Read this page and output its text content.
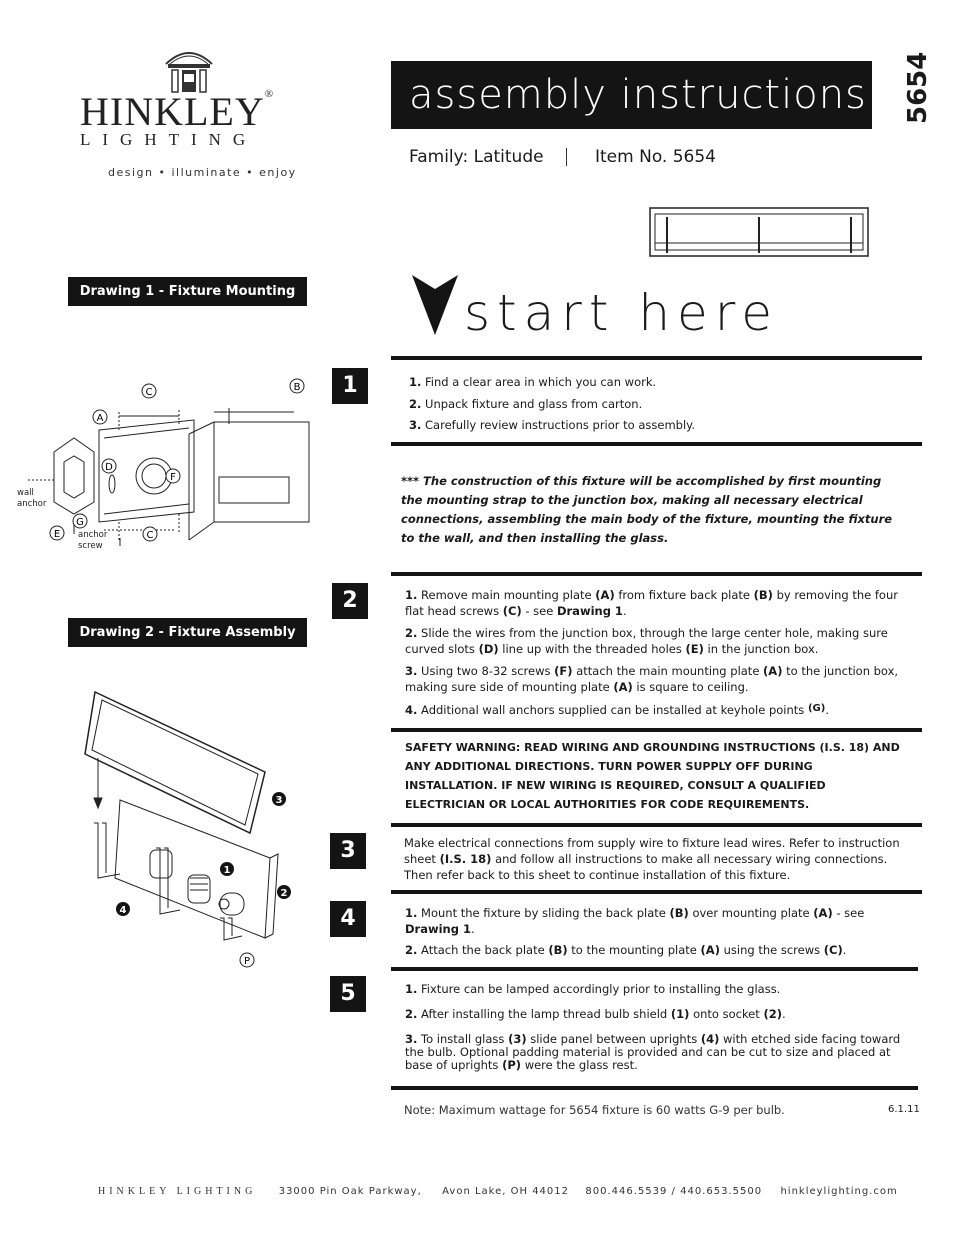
HINKLEY®
LIGHTING
design • illuminate • enjoy
assembly instructions 5654
Family: Latitude	Item No. 5654
start here
Drawing 1 - Fixture Mounting
Drawing 2 - Fixture Assembly
C	B
A
D
F
G
E	C
wall
anchor
anchor
screw
1
2
3
4
P
1	1. Find a clear area in which you can work.
2. Unpack fixture and glass from carton.
3. Carefully review instructions prior to assembly.
*** The construction of this fixture will be accomplished by first mounting the mounting strap to the junction box, making all necessary electrical connections, assembling the main body of the fixture, mounting the fixture to the wall, and then installing the glass.
2	1. Remove main mounting plate (A) from fixture back plate (B) by removing the four flat head screws (C) - see Drawing 1.

2. Slide the wires from the junction box, through the large center hole, making sure curved slots (D) line up with the threaded holes (E) in the junction box.

3. Using two 8-32 screws (F) attach the main mounting plate (A) to the junction box, making sure side of mounting plate (A) is square to ceiling.

4. Additional wall anchors supplied can be installed at keyhole points (G).

SAFETY WARNING: READ WIRING AND GROUNDING INSTRUCTIONS (I.S. 18) AND ANY ADDITIONAL DIRECTIONS. TURN POWER SUPPLY OFF DURING INSTALLATION. IF NEW WIRING IS REQUIRED, CONSULT A QUALIFIED ELECTRICIAN OR LOCAL AUTHORITIES FOR CODE REQUIREMENTS.
3	Make electrical connections from supply wire to fixture lead wires. Refer to instruction sheet (I.S. 18) and follow all instructions to make all necessary wiring connections. Then refer back to this sheet to continue installation of this fixture.
4	1. Mount the fixture by sliding the back plate (B) over mounting plate (A) - see Drawing 1.

2. Attach the back plate (B) to the mounting plate (A) using the screws (C).

5	1. Fixture can be lamped accordingly prior to installing the glass.

2. After installing the lamp thread bulb shield (1) onto socket (2).

3. To install glass (3) slide panel between uprights (4) with etched side facing toward the bulb. Optional padding material is provided and can be cut to size and placed at base of uprights (P) were the glass rest.

Note: Maximum wattage for 5654 fixture is 60 watts G-9 per bulb.	6.1.11
HINKLEY LIGHTING 33000 Pin Oak Parkway, Avon Lake, OH 44012 800.446.5539 / 440.653.5500 hinkleylighting.com
